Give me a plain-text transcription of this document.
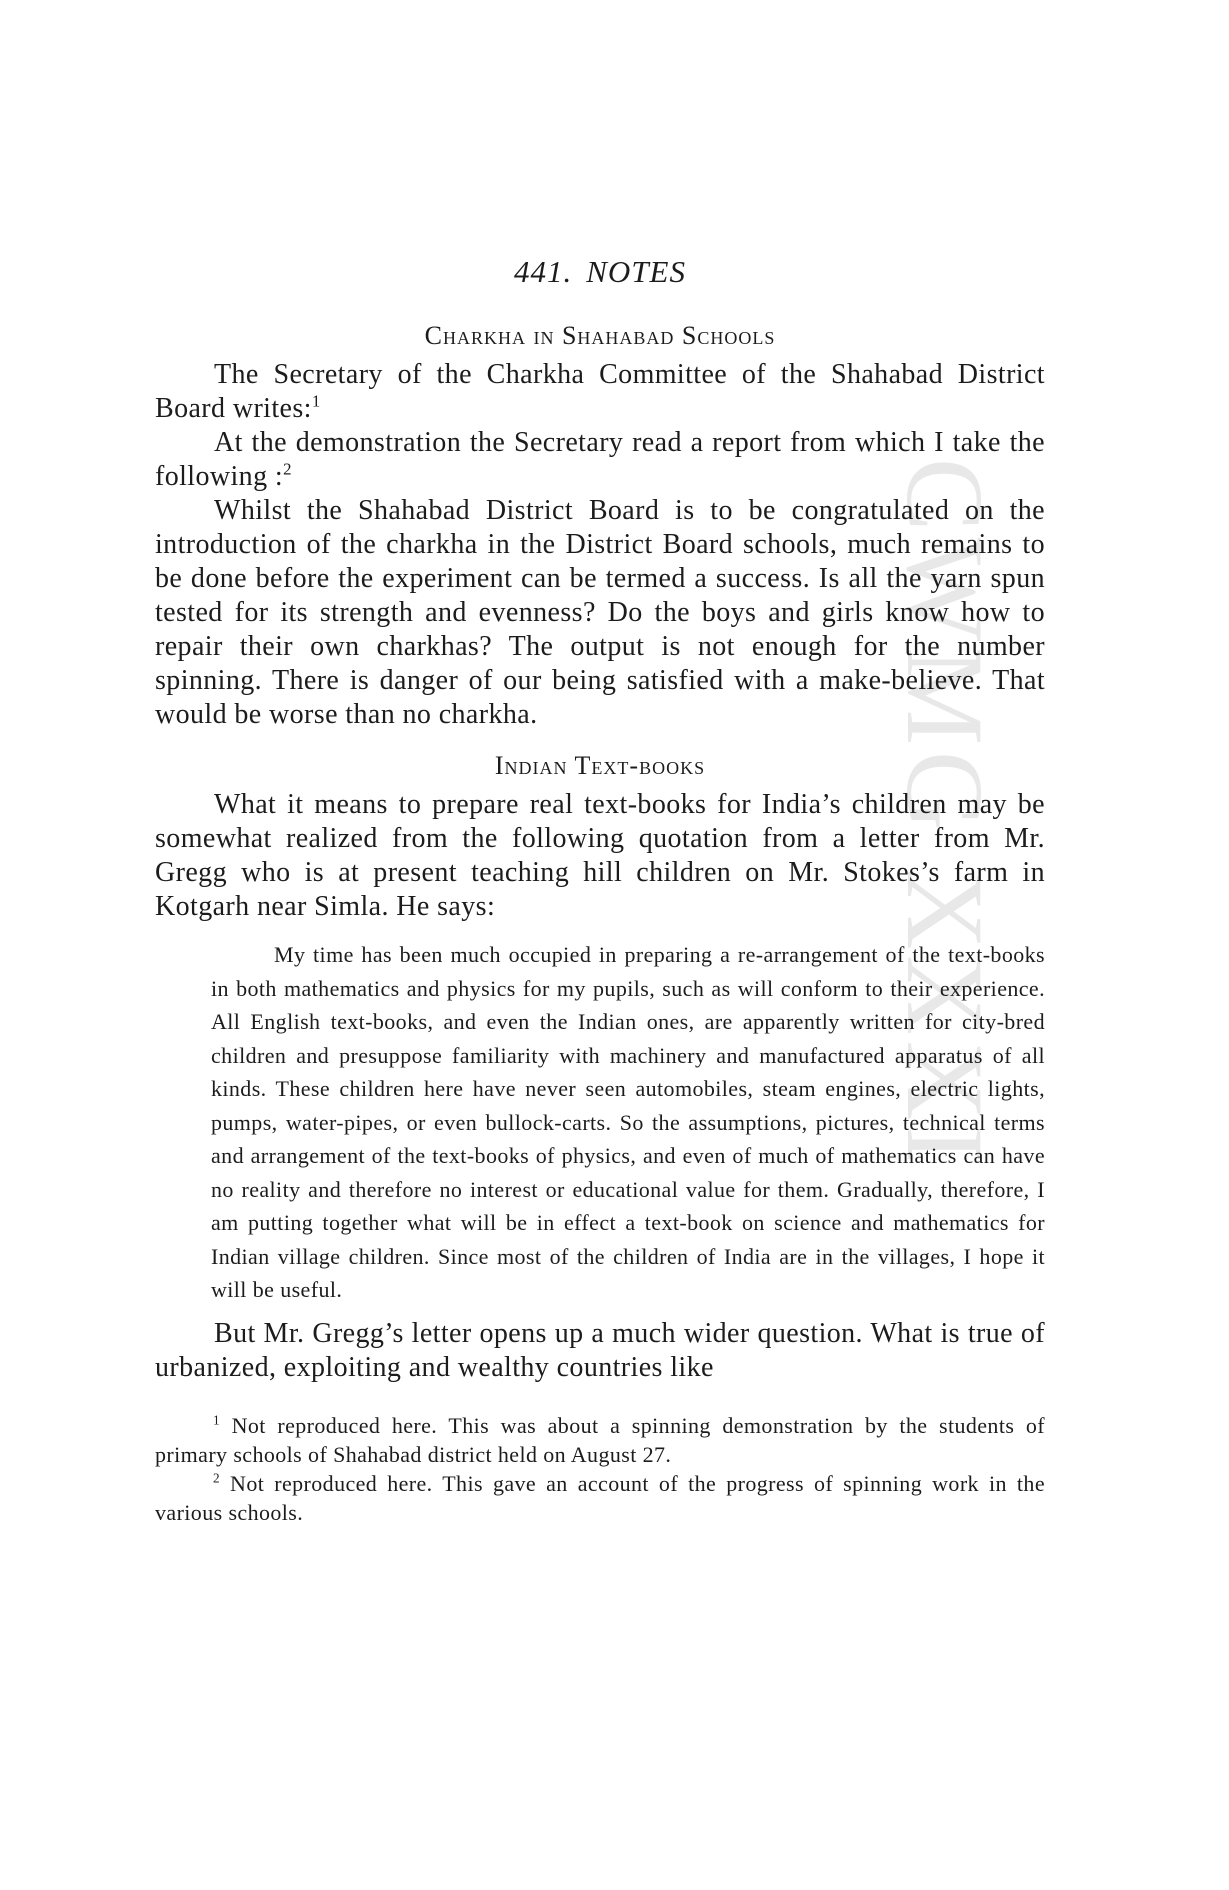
CWMG XXXI
441. NOTES
Charkha in Shahabad Schools

The Secretary of the Charkha Committee of the Shahabad District Board writes:$^1$

At the demonstration the Secretary read a report from which I take the following :$^2$

Whilst the Shahabad District Board is to be congratulated on the introduction of the charkha in the District Board schools, much remains to be done before the experiment can be termed a success. Is all the yarn spun tested for its strength and evenness? Do the boys and girls know how to repair their own charkhas? The output is not enough for the number spinning. There is danger of our being satisfied with a make-believe. That would be worse than no charkha.

Indian Text-books

What it means to prepare real text-books for India’s children may be somewhat realized from the following quotation from a letter from Mr. Gregg who is at present teaching hill children on Mr. Stokes’s farm in Kotgarh near Simla. He says:

My time has been much occupied in preparing a re-arrangement of the text-books in both mathematics and physics for my pupils, such as will conform to their experience. All English text-books, and even the Indian ones, are apparently written for city-bred children and presuppose familiarity with machinery and manufactured apparatus of all kinds. These children here have never seen automobiles, steam engines, electric lights, pumps, water-pipes, or even bullock-carts. So the assumptions, pictures, technical terms and arrangement of the text-books of physics, and even of much of mathematics can have no reality and therefore no interest or educational value for them. Gradually, therefore, I am putting together what will be in effect a text-book on science and mathematics for Indian village children. Since most of the children of India are in the villages, I hope it will be useful.

But Mr. Gregg’s letter opens up a much wider question. What is true of urbanized, exploiting and wealthy countries like

$^1$ Not reproduced here. This was about a spinning demonstration by the students of primary schools of Shahabad district held on August 27.

$^2$ Not reproduced here. This gave an account of the progress of spinning work in the various schools.
